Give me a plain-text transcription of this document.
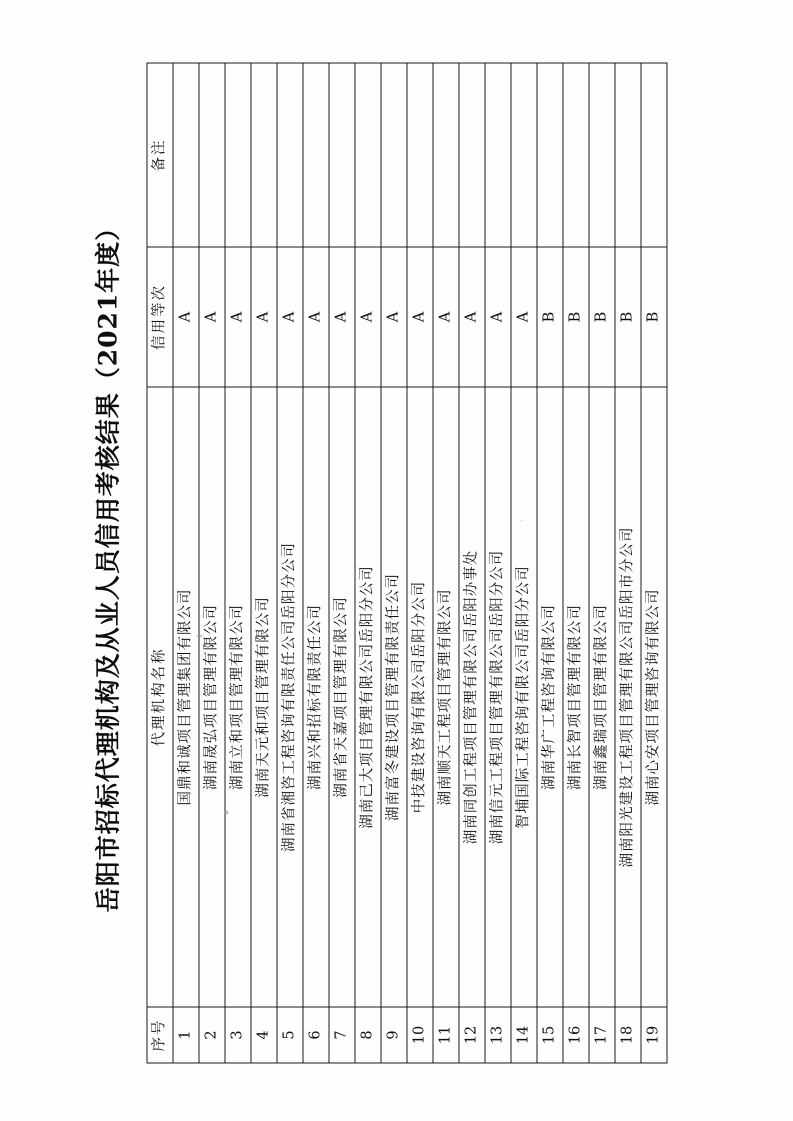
岳阳市招标代理机构及从业人员信用考核结果（2021年度）
序号	代理机构名称	信用等次	备注
1	国鼎和诚项目管理集团有限公司	A	
2	湖南晟弘项目管理有限公司	A	
3	湖南立和项目管理有限公司	A	
4	湖南天元和项目管理有限公司	A	
5	湖南省湘咨工程咨询有限责任公司岳阳分公司	A	
6	湖南兴和招标有限责任公司	A	
7	湖南省天嘉项目管理有限公司	A	
8	湖南己大项目管理有限公司岳阳分公司	A	
9	湖南富冬建设项目管理有限责任公司	A	
10	中技建设咨询有限公司岳阳分公司	A	
11	湖南顺天工程项目管理有限公司	A	
12	湖南同创工程项目管理有限公司岳阳办事处	A	
13	湖南信元工程项目管理有限公司岳阳分公司	A	
14	智埔国际工程咨询有限公司岳阳分公司	A	
15	湖南华广工程咨询有限公司	B	
16	湖南长智项目管理有限公司	B	
17	湖南鑫瑞项目管理有限公司	B	
18	湖南阳光建设工程项目管理有限公司岳阳市分公司	B	
19	湖南心安项目管理咨询有限公司	B	
